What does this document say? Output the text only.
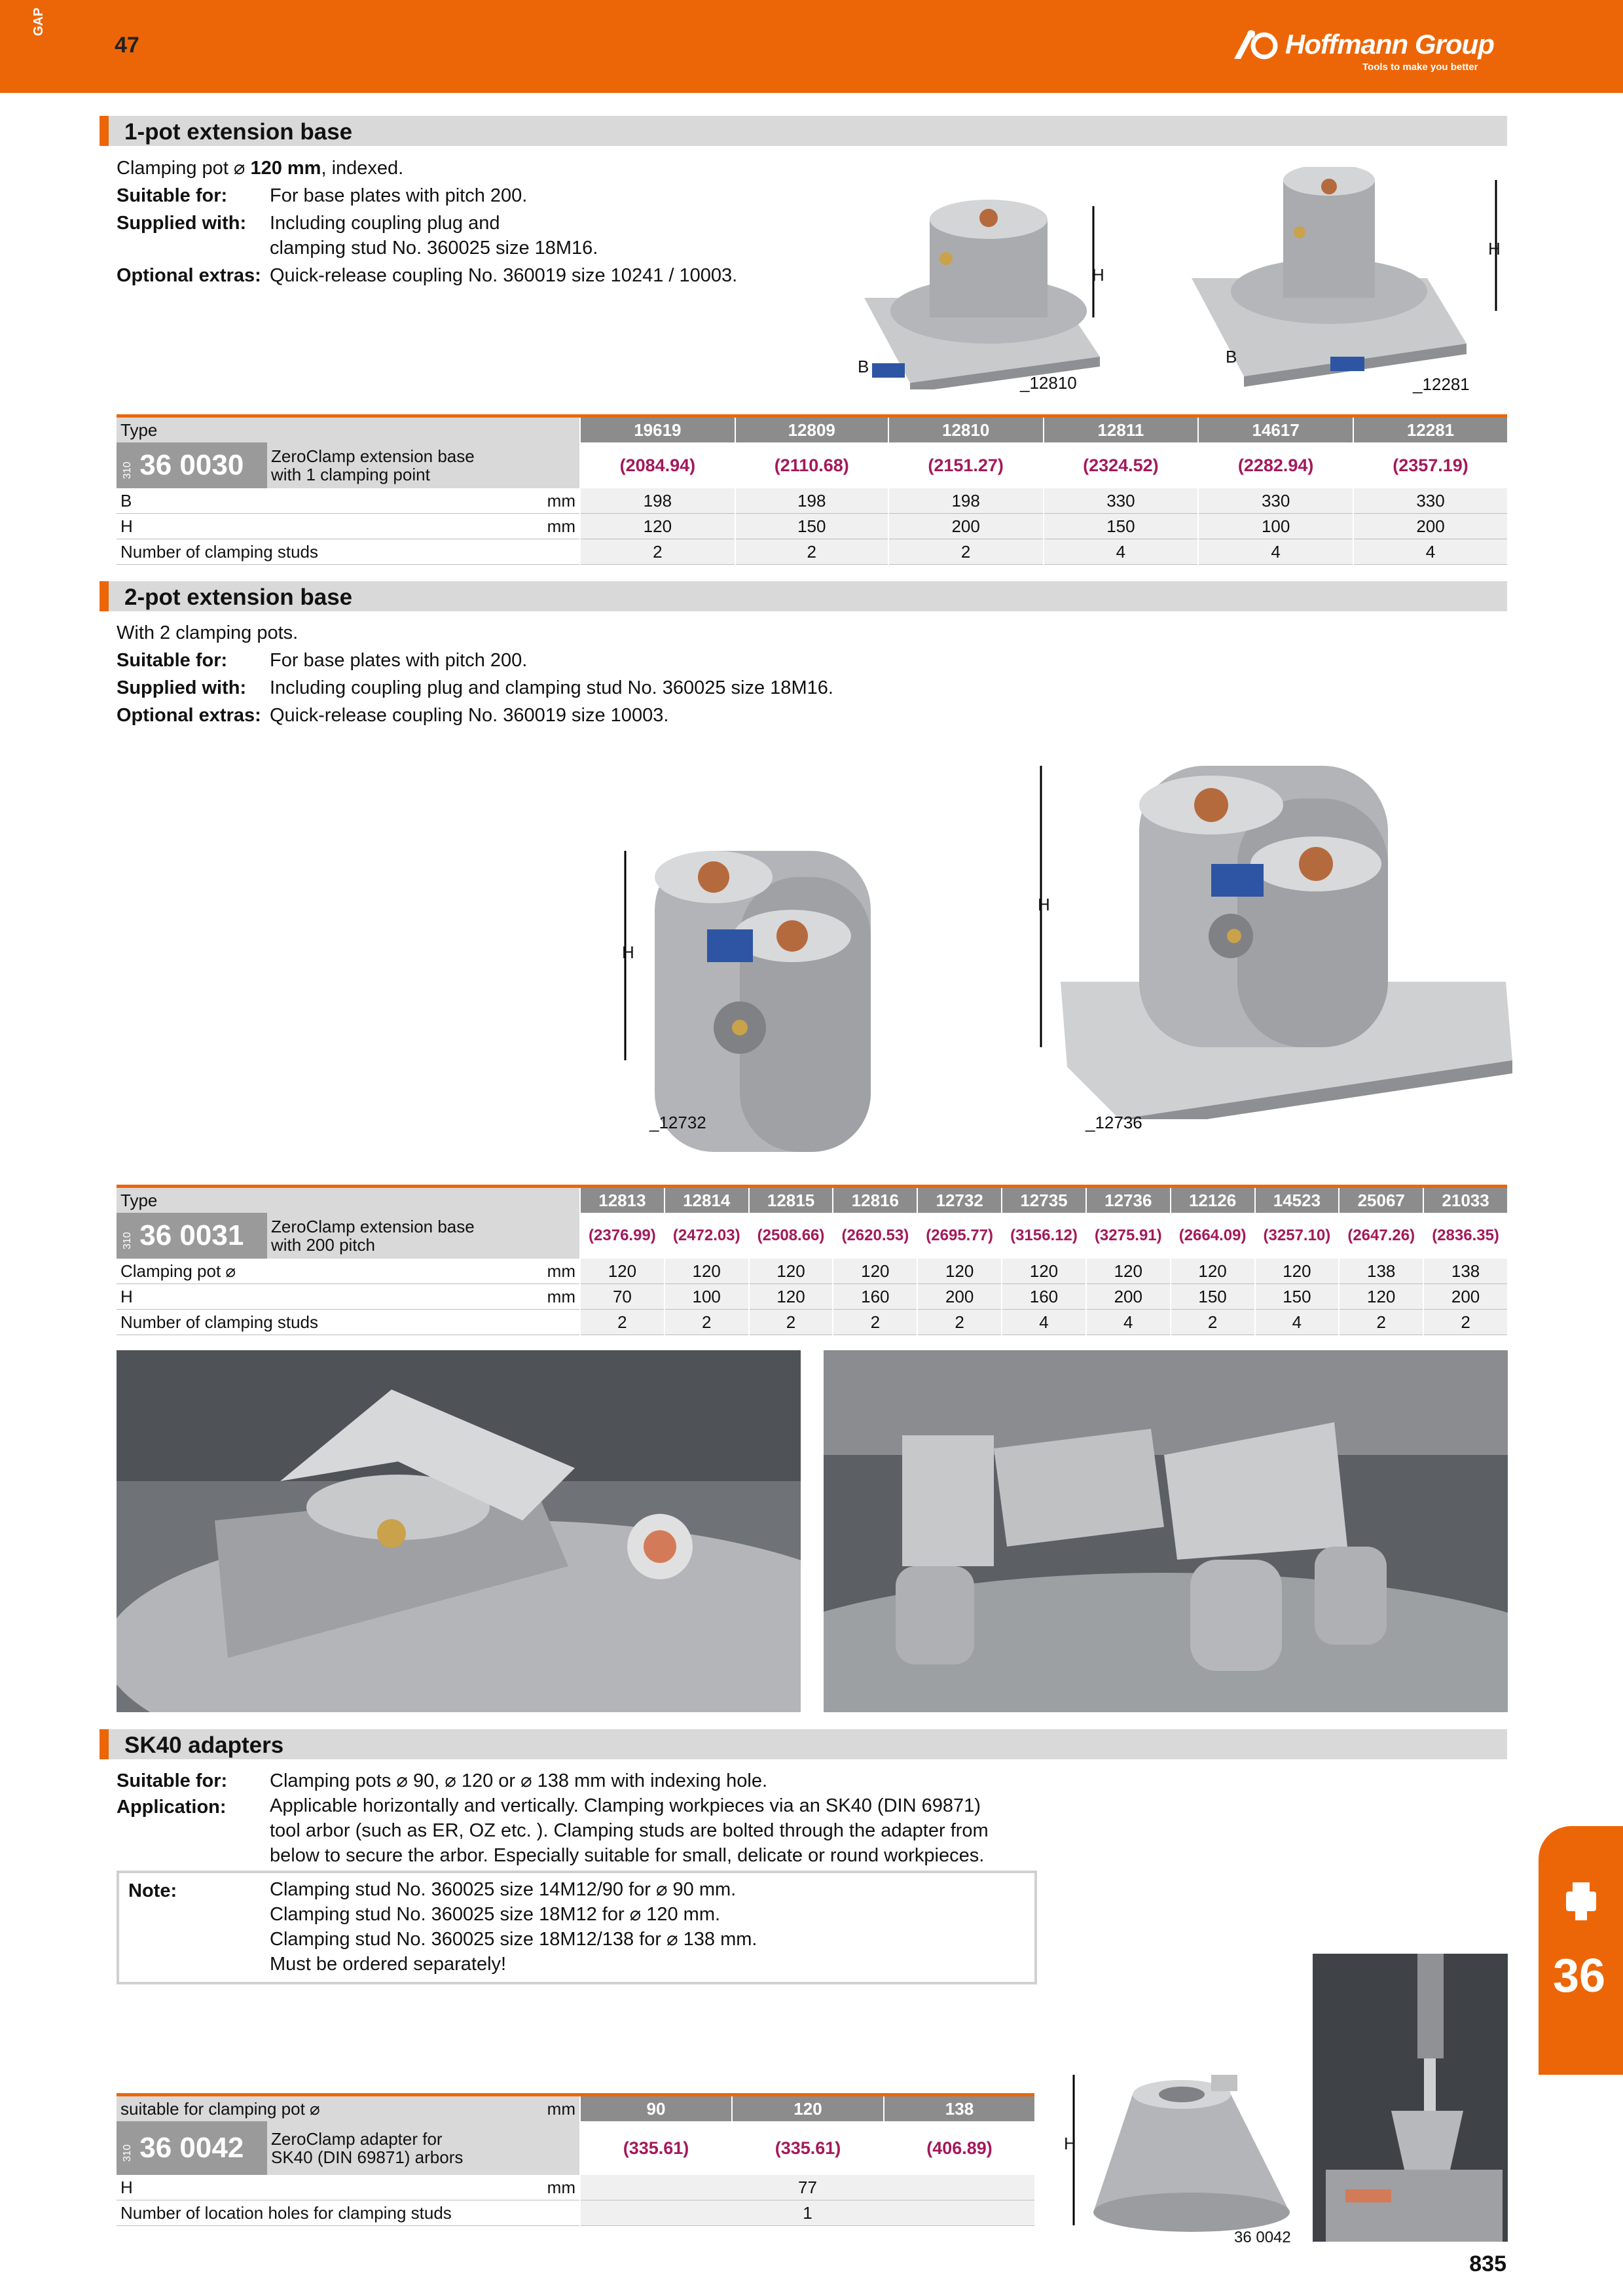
GAP
47	Hoffmann Group
Tools to make you better
1-pot extension base
Clamping pot ⌀ 120 mm, indexed.
Suitable for: For base plates with pitch 200.
Supplied with: Including coupling plug and
clamping stud No. 360025 size 18M16.
Optional extras: Quick-release coupling No. 360019 size 10241 / 10003.	H
B
_12810
H
B
_12281
Type			19619	12809	12810	12811	14617	12281
310 36 0030	ZeroClamp extension base
with 1 clamping point		(2084.94)	(2110.68)	(2151.27)	(2324.52)	(2282.94)	(2357.19)
B		mm	198	198	198	330	330	330
H		mm	120	150	200	150	100	200
Number of clamping studs			2	2	2	4	4	4
2-pot extension base
With 2 clamping pots.
Suitable for: For base plates with pitch 200.
Supplied with: Including coupling plug and clamping stud No. 360025 size 18M16.
Optional extras: Quick-release coupling No. 360019 size 10003.
H
_12732
H
_12736
Type			12813	12814	12815	12816	12732	12735	12736	12126	14523	25067	21033
310 36 0031	ZeroClamp extension base
with 200 pitch		(2376.99)	(2472.03)	(2508.66)	(2620.53)	(2695.77)	(3156.12)	(3275.91)	(2664.09)	(3257.10)	(2647.26)	(2836.35)
Clamping pot ⌀		mm	120	120	120	120	120	120	120	120	120	138	138
H		mm	70	100	120	160	200	160	200	150	150	120	200
Number of clamping studs			2	2	2	2	2	4	4	2	4	2	2
SK40 adapters
Suitable for: Clamping pots ⌀ 90, ⌀ 120 or ⌀ 138 mm with indexing hole.
Application: Applicable horizontally and vertically. Clamping workpieces via an SK40 (DIN 69871)
tool arbor (such as ER, OZ etc. ). Clamping studs are bolted through the adapter from
below to secure the arbor. Especially suitable for small, delicate or round workpieces.
Note:	Clamping stud No. 360025 size 14M12/90 for ⌀ 90 mm.
Clamping stud No. 360025 size 18M12 for ⌀ 120 mm.
Clamping stud No. 360025 size 18M12/138 for ⌀ 138 mm.
Must be ordered separately!
suitable for clamping pot ⌀		mm	90	120	138
310 36 0042	ZeroClamp adapter for
SK40 (DIN 69871) arbors		(335.61)	(335.61)	(406.89)
H		mm	77		
Number of location holes for clamping studs			1		
H
36 0042
36
835
